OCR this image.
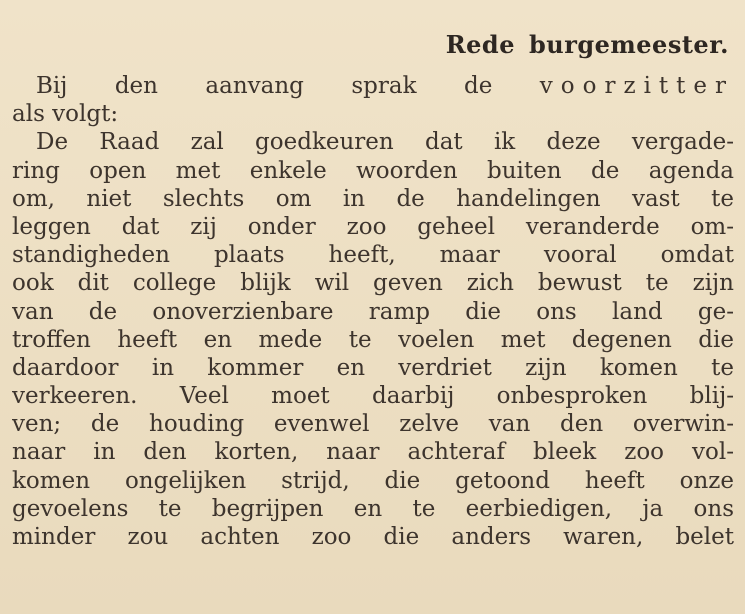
Rede burgemeester.
Bij den aanvang sprak de voorzitter
als volgt:
De Raad zal goedkeuren dat ik deze vergade-
ring open met enkele woorden buiten de agenda
om, niet slechts om in de handelingen vast te
leggen dat zij onder zoo geheel veranderde om-
standigheden plaats heeft, maar vooral omdat
ook dit college blijk wil geven zich bewust te zijn
van de onoverzienbare ramp die ons land ge-
troffen heeft en mede te voelen met degenen die
daardoor in kommer en verdriet zijn komen te
verkeeren. Veel moet daarbij onbesproken blij-
ven; de houding evenwel zelve van den overwin-
naar in den korten, naar achteraf bleek zoo vol-
komen ongelijken strijd, die getoond heeft onze
gevoelens te begrijpen en te eerbiedigen, ja ons
minder zou achten zoo die anders waren, belet
